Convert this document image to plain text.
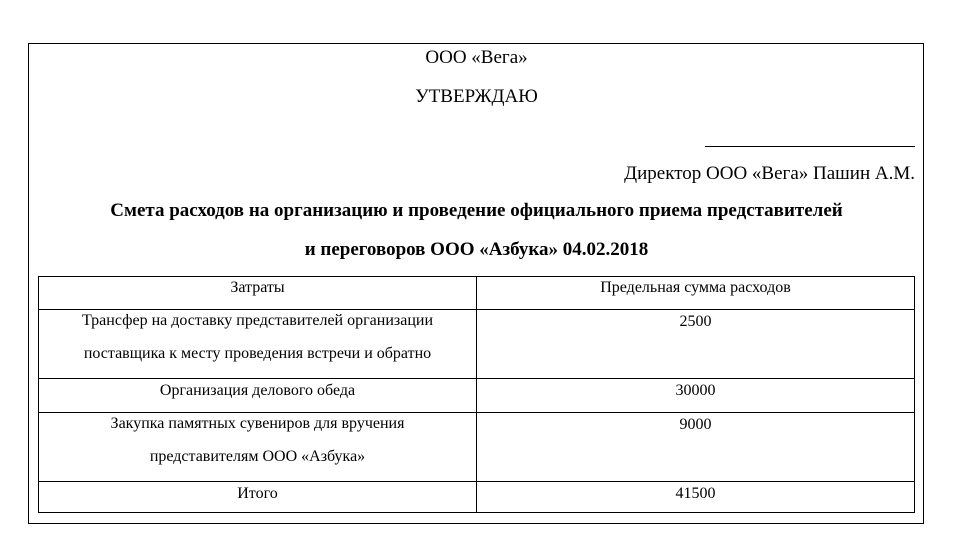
ООО «Вега»
УТВЕРЖДАЮ
Директор ООО «Вега» Пашин А.М.
Смета расходов на организацию и проведение официального приема представителей
и переговоров ООО «Азбука» 04.02.2018
Затраты	Предельная сумма расходов

Трансфер на доставку представителей организации
поставщика к месту проведения встречи и обратно	2500
Организация делового обеда	30000

Закупка памятных сувениров для вручения
представителям ООО «Азбука»	9000
Итого	41500
